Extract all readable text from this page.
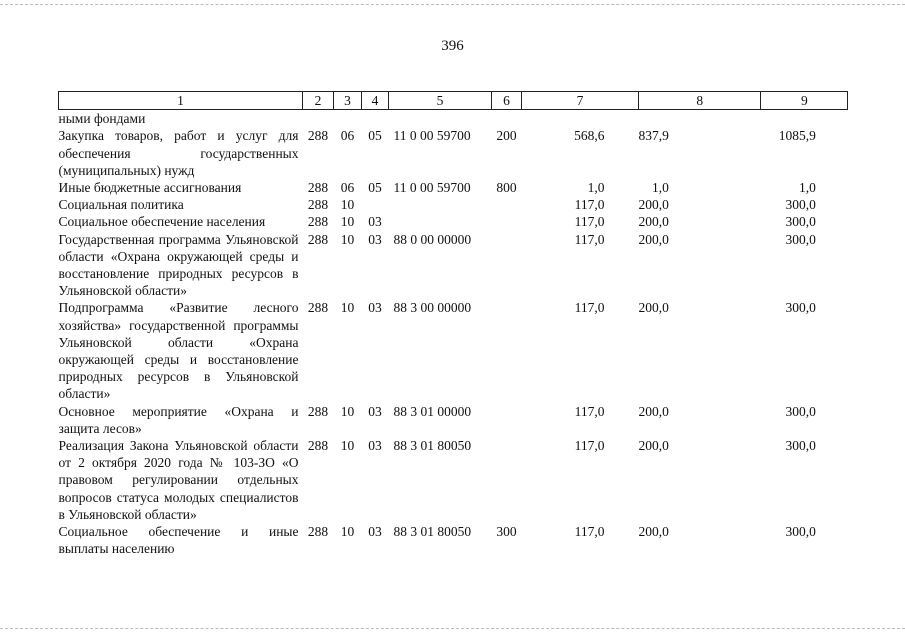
396
1	2	3	4	5	6	7	8	9
ными фондами								
Закупка товаров, работ и услуг для обеспечения государственных (муниципальных) нужд	288	06	05	11 0 00 59700	200	568,6	837,9	1085,9
Иные бюджетные ассигнования	288	06	05	11 0 00 59700	800	1,0	1,0	1,0
Социальная политика	288	10				117,0	200,0	300,0
Социальное обеспечение населения	288	10	03			117,0	200,0	300,0
Государственная программа Ульяновской области «Охрана окружающей среды и восстановление природных ресурсов в Ульяновской области»	288	10	03	88 0 00 00000		117,0	200,0	300,0
Подпрограмма «Развитие лесного хозяйства» государственной программы Ульяновской области «Охрана окружающей среды и восстановление природных ресурсов в Ульяновской области»	288	10	03	88 3 00 00000		117,0	200,0	300,0
Основное мероприятие «Охрана и защита лесов»	288	10	03	88 3 01 00000		117,0	200,0	300,0
Реализация Закона Ульяновской области от 2 октября 2020 года № 103-ЗО «О правовом регулировании отдельных вопросов статуса молодых специалистов в Ульяновской области»	288	10	03	88 3 01 80050		117,0	200,0	300,0
Социальное обеспечение и иные выплаты населению	288	10	03	88 3 01 80050	300	117,0	200,0	300,0
